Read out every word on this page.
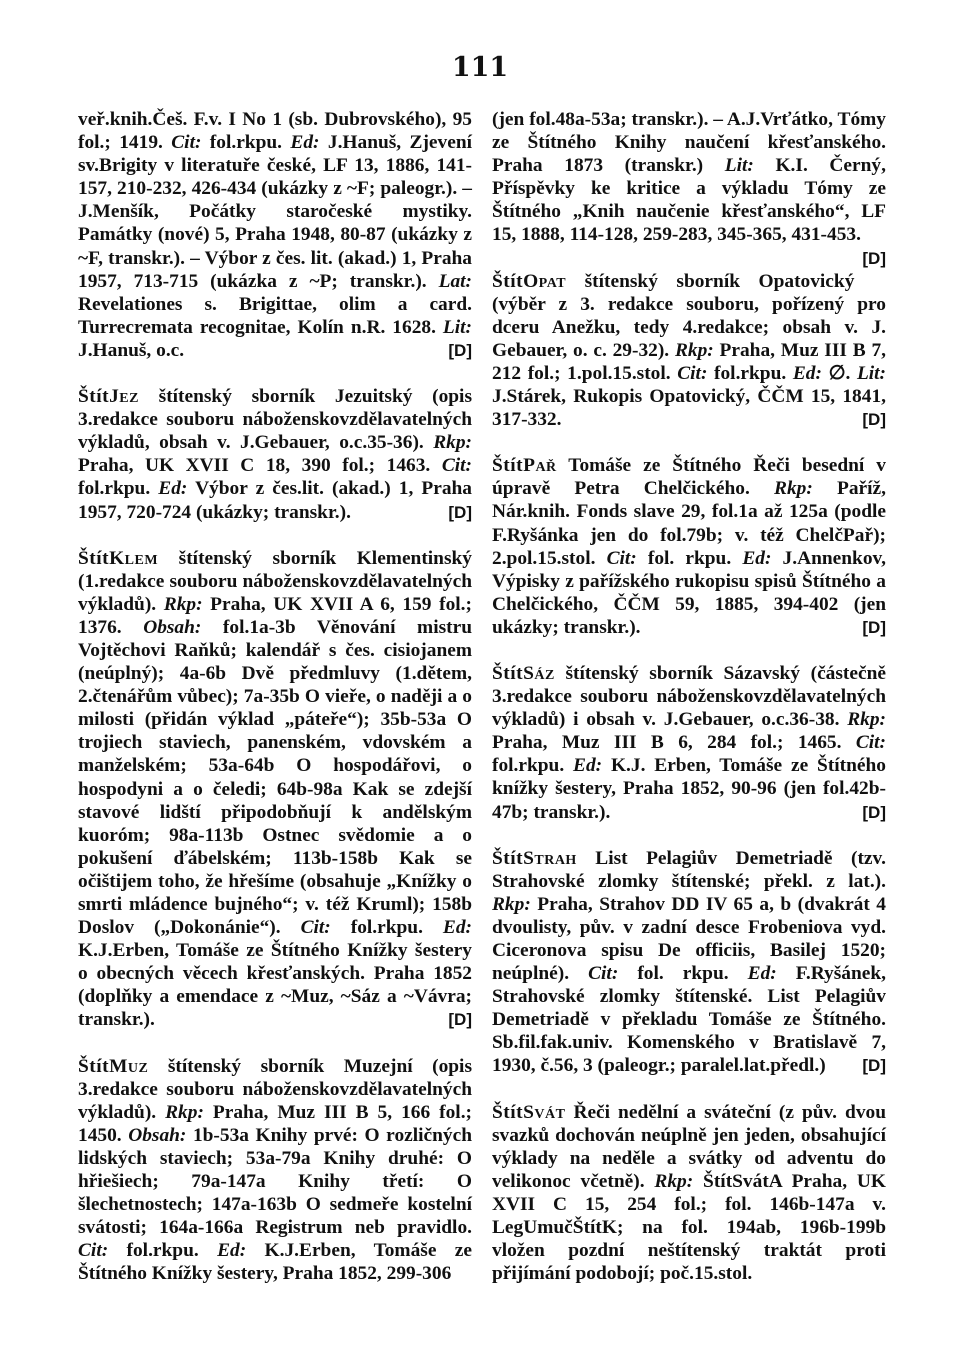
111

veř.knih.Češ. F.v. I No 1 (sb. Dubrovského), 95 fol.; 1419. Cit: fol.rkpu. Ed: J.Hanuš, Zjevení sv.Brigity v literatuře české, LF 13, 1886, 141-157, 210-232, 426-434 (ukázky z ~F; paleogr.). – J.Menšík, Počátky staročeské mystiky. Památky (nové) 5, Praha 1948, 80-87 (ukázky z ~F, transkr.). – Výbor z čes. lit. (akad.) 1, Praha 1957, 713-715 (ukázka z ~P; transkr.). Lat: Revelationes s. Brigittae, olim a card. Turrecremata recognitae, Kolín n.R. 1628. Lit: J.Hanuš, o.c.	[D]

ŠtítJez štítenský sborník Jezuitský (opis 3.redakce souboru náboženskovzdělavatelných výkladů, obsah v. J.Gebauer, o.c.35-36). Rkp: Praha, UK XVII C 18, 390 fol.; 1463. Cit: fol.rkpu. Ed: Výbor z čes.lit. (akad.) 1, Praha 1957, 720-724 (ukázky; transkr.).	[D]

ŠtítKlem štítenský sborník Klementinský (1.redakce souboru náboženskovzdělavatelných výkladů). Rkp: Praha, UK XVII A 6, 159 fol.; 1376. Obsah: fol.1a-3b Věnování mistru Vojtěchovi Raňků; kalendář s čes. cisiojanem (neúplný); 4a-6b Dvě předmluvy (1.dětem, 2.čtenářům vůbec); 7a-35b O vieře, o naději a o milosti (přidán výklad „páteře“); 35b-53a O trojiech staviech, panenském, vdovském a manželském; 53a-64b O hospodářovi, o hospodyni a o čeledi; 64b-98a Kak se zdejší stavové lidští připodobňují k andělským kuoróm; 98a-113b Ostnec svědomie a o pokušení ďábelském; 113b-158b Kak se očištijem toho, že hřešíme (obsahuje „Knížky o smrti mládence bujného“; v. též Kruml); 158b Doslov („Dokonánie“). Cit: fol.rkpu. Ed: K.J.Erben, Tomáše ze Štítného Knížky šestery o obecných věcech křesťanských. Praha 1852 (doplňky a emendace z ~Muz, ~Sáz a ~Vávra; transkr.).	[D]

ŠtítMuz štítenský sborník Muzejní (opis 3.redakce souboru náboženskovzdělavatelných výkladů). Rkp: Praha, Muz III B 5, 166 fol.; 1450. Obsah: 1b-53a Knihy prvé: O rozličných lidských staviech; 53a-79a Knihy druhé: O hřiešiech; 79a-147a Knihy třetí: O šlechetnostech; 147a-163b O sedmeře kostelní svátosti; 164a-166a Registrum neb pravidlo. Cit: fol.rkpu. Ed: K.J.Erben, Tomáše ze Štítného Knížky šestery, Praha 1852, 299-306

(jen fol.48a-53a; transkr.). – A.J.Vrťátko, Tómy ze Štítného Knihy naučení křesťanského. Praha 1873 (transkr.) Lit: K.I. Černý, Příspěvky ke kritice a výkladu Tómy ze Štítného „Knih naučenie křesťanského“, LF 15, 1888, 114-128, 259-283, 345-365, 431-453.
[D]

ŠtítOpat štítenský sborník Opatovický (výběr z 3. redakce souboru, pořízený pro dceru Anežku, tedy 4.redakce; obsah v. J. Gebauer, o. c. 29-32). Rkp: Praha, Muz III B 7, 212 fol.; 1.pol.15.stol. Cit: fol.rkpu. Ed: ∅. Lit: J.Stárek, Rukopis Opatovický, ČČM 15, 1841, 317-332.	[D]

ŠtítPař Tomáše ze Štítného Řeči besední v úpravě Petra Chelčického. Rkp: Paříž, Nár.knih. Fonds slave 29, fol.1a až 125a (podle F.Ryšánka jen do fol.79b; v. též ChelčPař); 2.pol.15.stol. Cit: fol. rkpu. Ed: J.Annenkov, Výpisky z pařížského rukopisu spisů Štítného a Chelčického, ČČM 59, 1885, 394-402 (jen ukázky; transkr.).	[D]

ŠtítSáz štítenský sborník Sázavský (částečně 3.redakce souboru náboženskovzdělavatelných výkladů) i obsah v. J.Gebauer, o.c.36-38. Rkp: Praha, Muz III B 6, 284 fol.; 1465. Cit: fol.rkpu. Ed: K.J. Erben, Tomáše ze Štítného knížky šestery, Praha 1852, 90-96 (jen fol.42b-47b; transkr.).	[D]

ŠtítStrah List Pelagiův Demetriadě (tzv. Strahovské zlomky štítenské; překl. z lat.). Rkp: Praha, Strahov DD IV 65 a, b (dvakrát 4 dvoulisty, pův. v zadní desce Frobeniova vyd. Ciceronova spisu De officiis, Basilej 1520; neúplné). Cit: fol. rkpu. Ed: F.Ryšánek, Strahovské zlomky štítenské. List Pelagiův Demetriadě v překladu Tomáše ze Štítného. Sb.fil.fak.univ. Komenského v Bratislavě 7, 1930, č.56, 3 (paleogr.; paralel.lat.předl.) [D]

ŠtítSvát Řeči nedělní a sváteční (z pův. dvou svazků dochován neúplně jen jeden, obsahující výklady na neděle a svátky od adventu do velikonoc včetně). Rkp: ŠtítSvátA Praha, UK XVII C 15, 254 fol.; fol. 146b-147a v. LegUmučŠtítK; na fol. 194ab, 196b-199b vložen pozdní neštítenský traktát proti přijímání podobojí; poč.15.stol.
